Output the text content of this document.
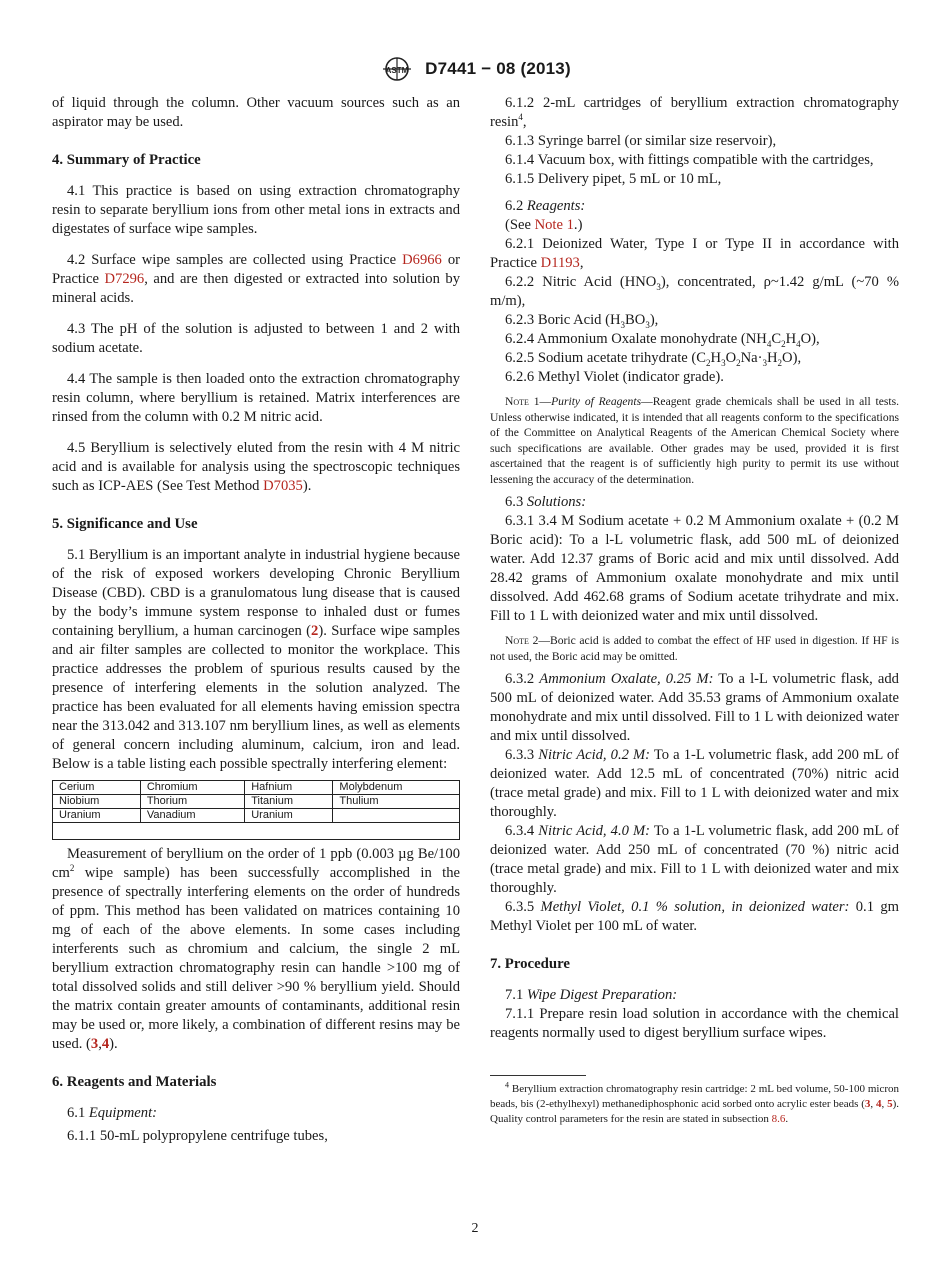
ASTM D7441 − 08 (2013)

of liquid through the column. Other vacuum sources such as an aspirator may be used.

4. Summary of Practice

4.1 This practice is based on using extraction chromatography resin to separate beryllium ions from other metal ions in extracts and digestates of surface wipe samples.

4.2 Surface wipe samples are collected using Practice D6966 or Practice D7296, and are then digested or extracted into solution by mineral acids.

4.3 The pH of the solution is adjusted to between 1 and 2 with sodium acetate.

4.4 The sample is then loaded onto the extraction chromatography resin column, where beryllium is retained. Matrix interferences are rinsed from the column with 0.2 M nitric acid.

4.5 Beryllium is selectively eluted from the resin with 4 M nitric acid and is available for analysis using the spectroscopic techniques such as ICP-AES (See Test Method D7035).

5. Significance and Use

5.1 Beryllium is an important analyte in industrial hygiene because of the risk of exposed workers developing Chronic Beryllium Disease (CBD). CBD is a granulomatous lung disease that is caused by the body’s immune system response to inhaled dust or fumes containing beryllium, a human carcinogen (2). Surface wipe samples and air filter samples are collected to monitor the workplace. This practice addresses the problem of spurious results caused by the presence of interfering elements in the solution analyzed. The practice has been evaluated for all elements having emission spectra near the 313.042 and 313.107 nm beryllium lines, as well as elements of general concern including aluminum, calcium, iron and lead. Below is a table listing each possible spectrally interfering element:

Cerium	Chromium	Hafnium	Molybdenum
Niobium	Thorium	Titanium	Thulium
Uranium	Vanadium	Uranium	

Measurement of beryllium on the order of 1 ppb (0.003 µg Be/100 $cm^2$ wipe sample) has been successfully accomplished in the presence of spectrally interfering elements on the order of hundreds of ppm. This method has been validated on matrices containing 10 mg of each of the above elements. In some cases including interferents such as chromium and calcium, the single 2 mL beryllium extraction chromatography resin can handle >100 mg of total dissolved solids and still deliver >90 % beryllium yield. Should the matrix contain greater amounts of contaminants, additional resin may be used or, more likely, a combination of different resins may be used. (3,4).

6. Reagents and Materials

6.1 Equipment:

6.1.1 50-mL polypropylene centrifuge tubes,

6.1.2 2-mL cartridges of beryllium extraction chromatography resin$^4$,

6.1.3 Syringe barrel (or similar size reservoir),

6.1.4 Vacuum box, with fittings compatible with the cartridges,

6.1.5 Delivery pipet, 5 mL or 10 mL,

6.2 Reagents:

(See Note 1.)

6.2.1 Deionized Water, Type I or Type II in accordance with Practice D1193,

6.2.2 Nitric Acid $(HNO_3)$, concentrated, ρ~1.42 g/mL (~70 % m/m),

6.2.3 Boric Acid $(H_3BO_3)$,

6.2.4 Ammonium Oxalate monohydrate $(NH_4C_2H_4O)$,

6.2.5 Sodium acetate trihydrate $(C_2H_3O_2Na\cdot_3H_2O)$,

6.2.6 Methyl Violet (indicator grade).

Note 1—Purity of Reagents—Reagent grade chemicals shall be used in all tests. Unless otherwise indicated, it is intended that all reagents conform to the specifications of the Committee on Analytical Reagents of the American Chemical Society where such specifications are available. Other grades may be used, provided it is first ascertained that the reagent is of sufficiently high purity to permit its use without lessening the accuracy of the determination.

6.3 Solutions:

6.3.1 3.4 M Sodium acetate + 0.2 M Ammonium oxalate + (0.2 M Boric acid): To a l-L volumetric flask, add 500 mL of deionized water. Add 12.37 grams of Boric acid and mix until dissolved. Add 28.42 grams of Ammonium oxalate monohydrate and mix until dissolved. Add 462.68 grams of Sodium acetate trihydrate and mix. Fill to 1 L with deionized water and mix until dissolved.

Note 2—Boric acid is added to combat the effect of HF used in digestion. If HF is not used, the Boric acid may be omitted.

6.3.2 Ammonium Oxalate, 0.25 M: To a l-L volumetric flask, add 500 mL of deionized water. Add 35.53 grams of Ammonium oxalate monohydrate and mix until dissolved. Fill to 1 L with deionized water and mix until dissolved.

6.3.3 Nitric Acid, 0.2 M: To a 1-L volumetric flask, add 200 mL of deionized water. Add 12.5 mL of concentrated (70%) nitric acid (trace metal grade) and mix. Fill to 1 L with deionized water and mix thoroughly.

6.3.4 Nitric Acid, 4.0 M: To a 1-L volumetric flask, add 200 mL of deionized water. Add 250 mL of concentrated (70 %) nitric acid (trace metal grade) and mix. Fill to 1 L with deionized water and mix thoroughly.

6.3.5 Methyl Violet, 0.1 % solution, in deionized water: 0.1 gm Methyl Violet per 100 mL of water.

7. Procedure

7.1 Wipe Digest Preparation:

7.1.1 Prepare resin load solution in accordance with the chemical reagents normally used to digest beryllium surface wipes.

$^4$ Beryllium extraction chromatography resin cartridge: 2 mL bed volume, 50-100 micron beads, bis (2-ethylhexyl) methanediphosphonic acid sorbed onto acrylic ester beads (3, 4, 5). Quality control parameters for the resin are stated in subsection 8.6.

2
